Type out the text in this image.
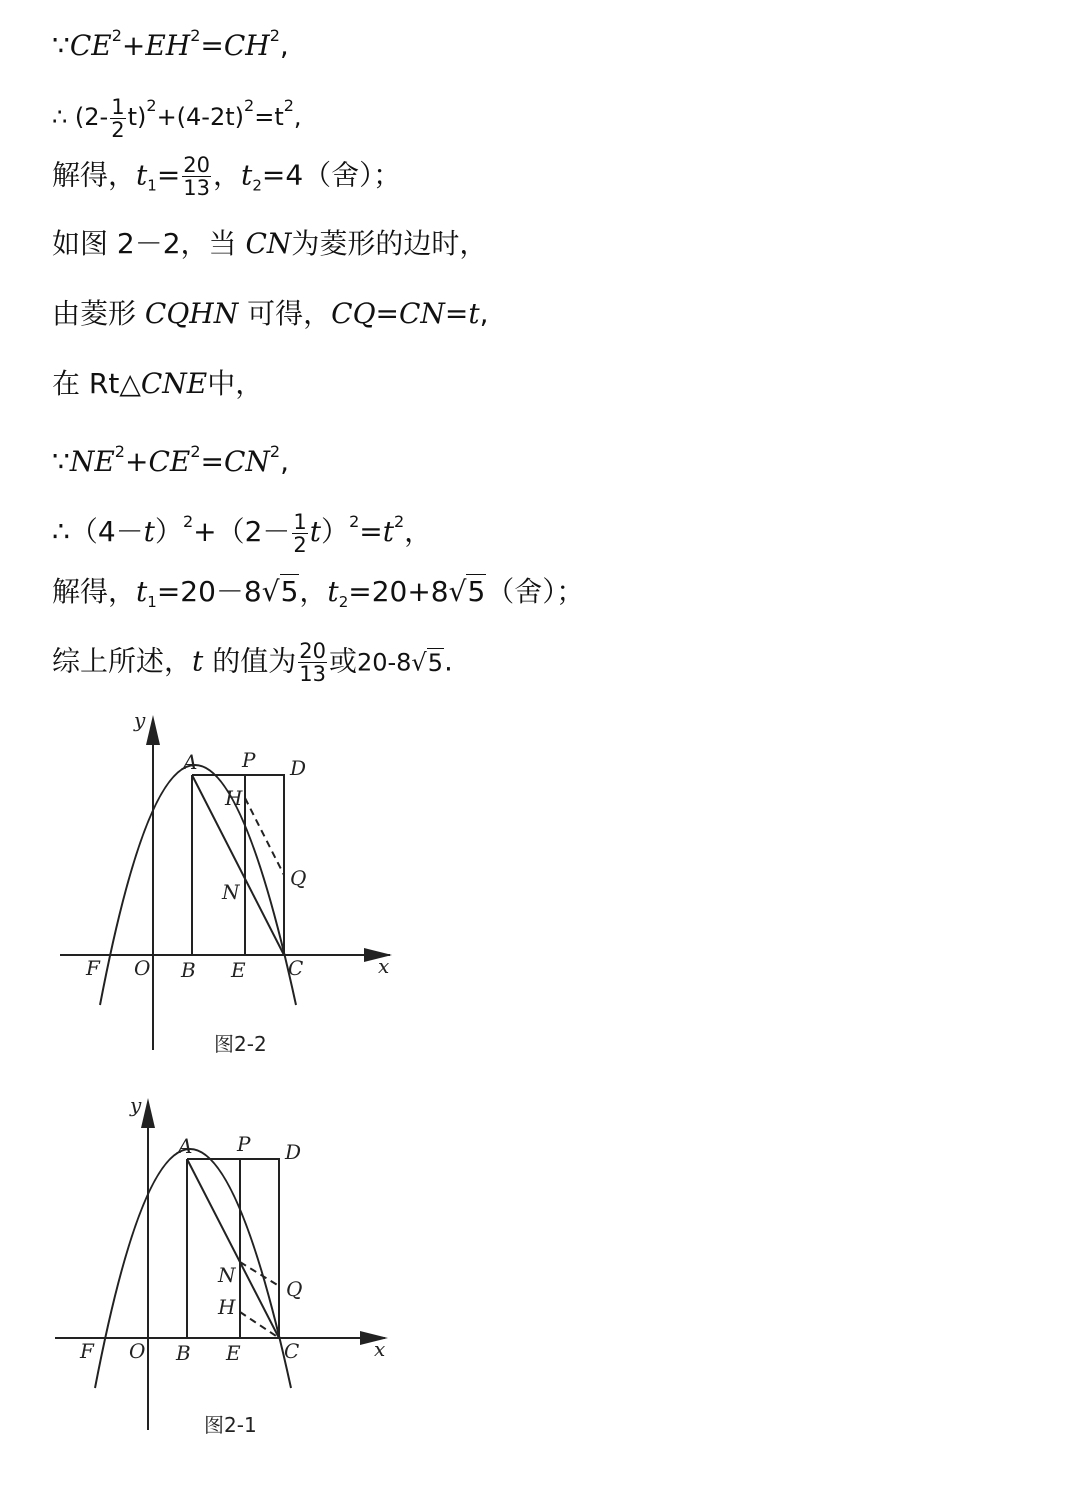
$\because CE^2+EH^2=CH^2$,
∴ $(2- \frac{1}{2} t)^2+(4-2t)^2=t^2$,
解得，$t_1= \frac{20}{13}$ ，$t_2=4$（舍）；
如图 2－2，当 CN为菱形的边时，
由菱形 CQHN 可得，CQ=CN=t,
在 Rt△CNE中，
$\because NE^2+CE^2=CN^2$,
$\therefore(4-t)^2+(2- \frac{1}{2} t)^2=t^2$，
解得，$t_1=20-8√5$，$t_2=20+8√5$（舍）；
综上所述，t 的值为 $\frac{20}{13}$ 或20-8√5.
y
x
A P D
H
Q
N
F O B E C
图2-2
y
x
A P D
N
Q
H
F O B E C
图2-1
